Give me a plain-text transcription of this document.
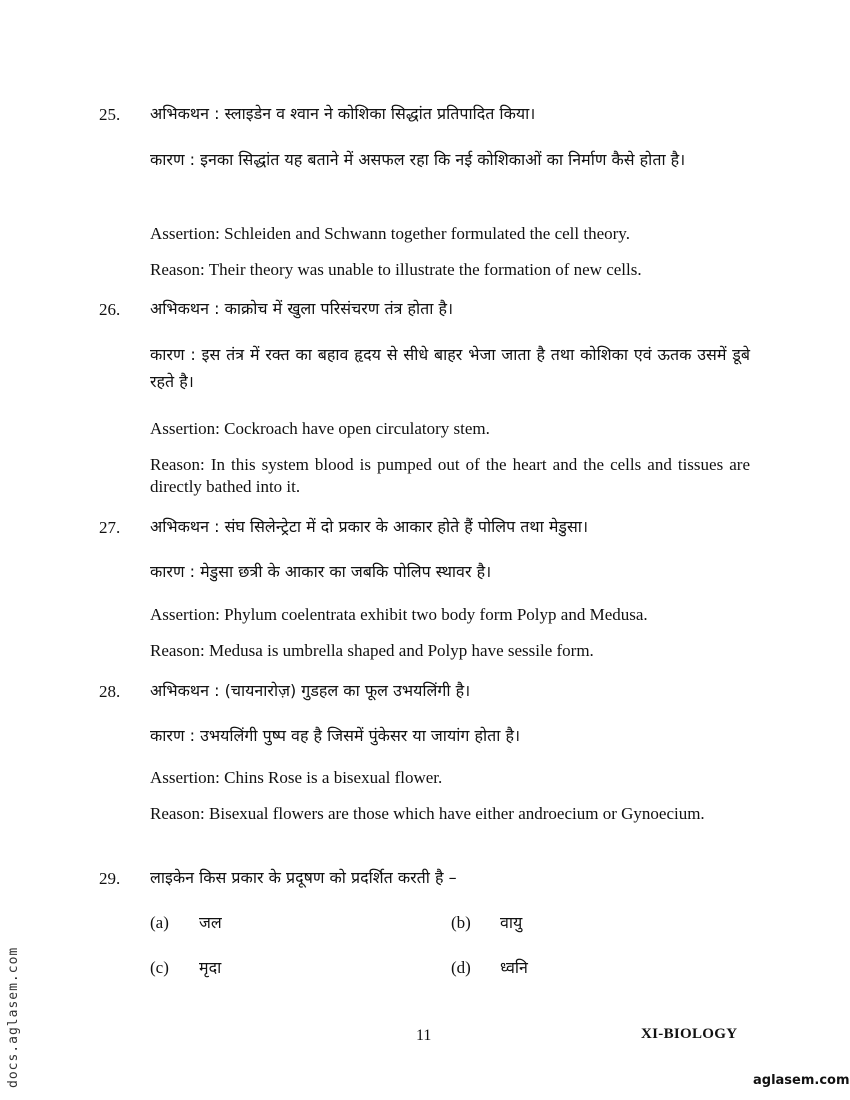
25. अभिकथन : स्लाइडेन व श्वान ने कोशिका सिद्धांत प्रतिपादित किया।

कारण : इनका सिद्धांत यह बताने में असफल रहा कि नई कोशिकाओं का निर्माण कैसे होता है।

Assertion: Schleiden and Schwann together formulated the cell theory.

Reason: Their theory was unable to illustrate the formation of new cells.

26. अभिकथन : काक्रोच में खुला परिसंचरण तंत्र होता है।

कारण : इस तंत्र में रक्त का बहाव हृदय से सीधे बाहर भेजा जाता है तथा कोशिका एवं ऊतक उसमें डूबे रहते है।

Assertion: Cockroach have open circulatory stem.

Reason: In this system blood is pumped out of the heart and the cells and tissues are directly bathed into it.

27. अभिकथन : संघ सिलेन्ट्रेटा में दो प्रकार के आकार होते हैं पोलिप तथा मेडुसा।

कारण : मेडुसा छत्री के आकार का जबकि पोलिप स्थावर है।

Assertion: Phylum coelentrata exhibit two body form Polyp and Medusa.

Reason: Medusa is umbrella shaped and Polyp have sessile form.

28. अभिकथन : (चायनारोज़) गुडहल का फूल उभयलिंगी है।

कारण : उभयलिंगी पुष्प वह है जिसमें पुंकेसर या जायांग होता है।

Assertion: Chins Rose is a bisexual flower.

Reason: Bisexual flowers are those which have either androecium or Gynoecium.

29. लाइकेन किस प्रकार के प्रदूषण को प्रदर्शित करती है –

(a)	जल	(b)	वायु
(c)	मृदा	(d)	ध्वनि
11	XI-BIOLOGY
docs.aglasem.com	aglasem.com
